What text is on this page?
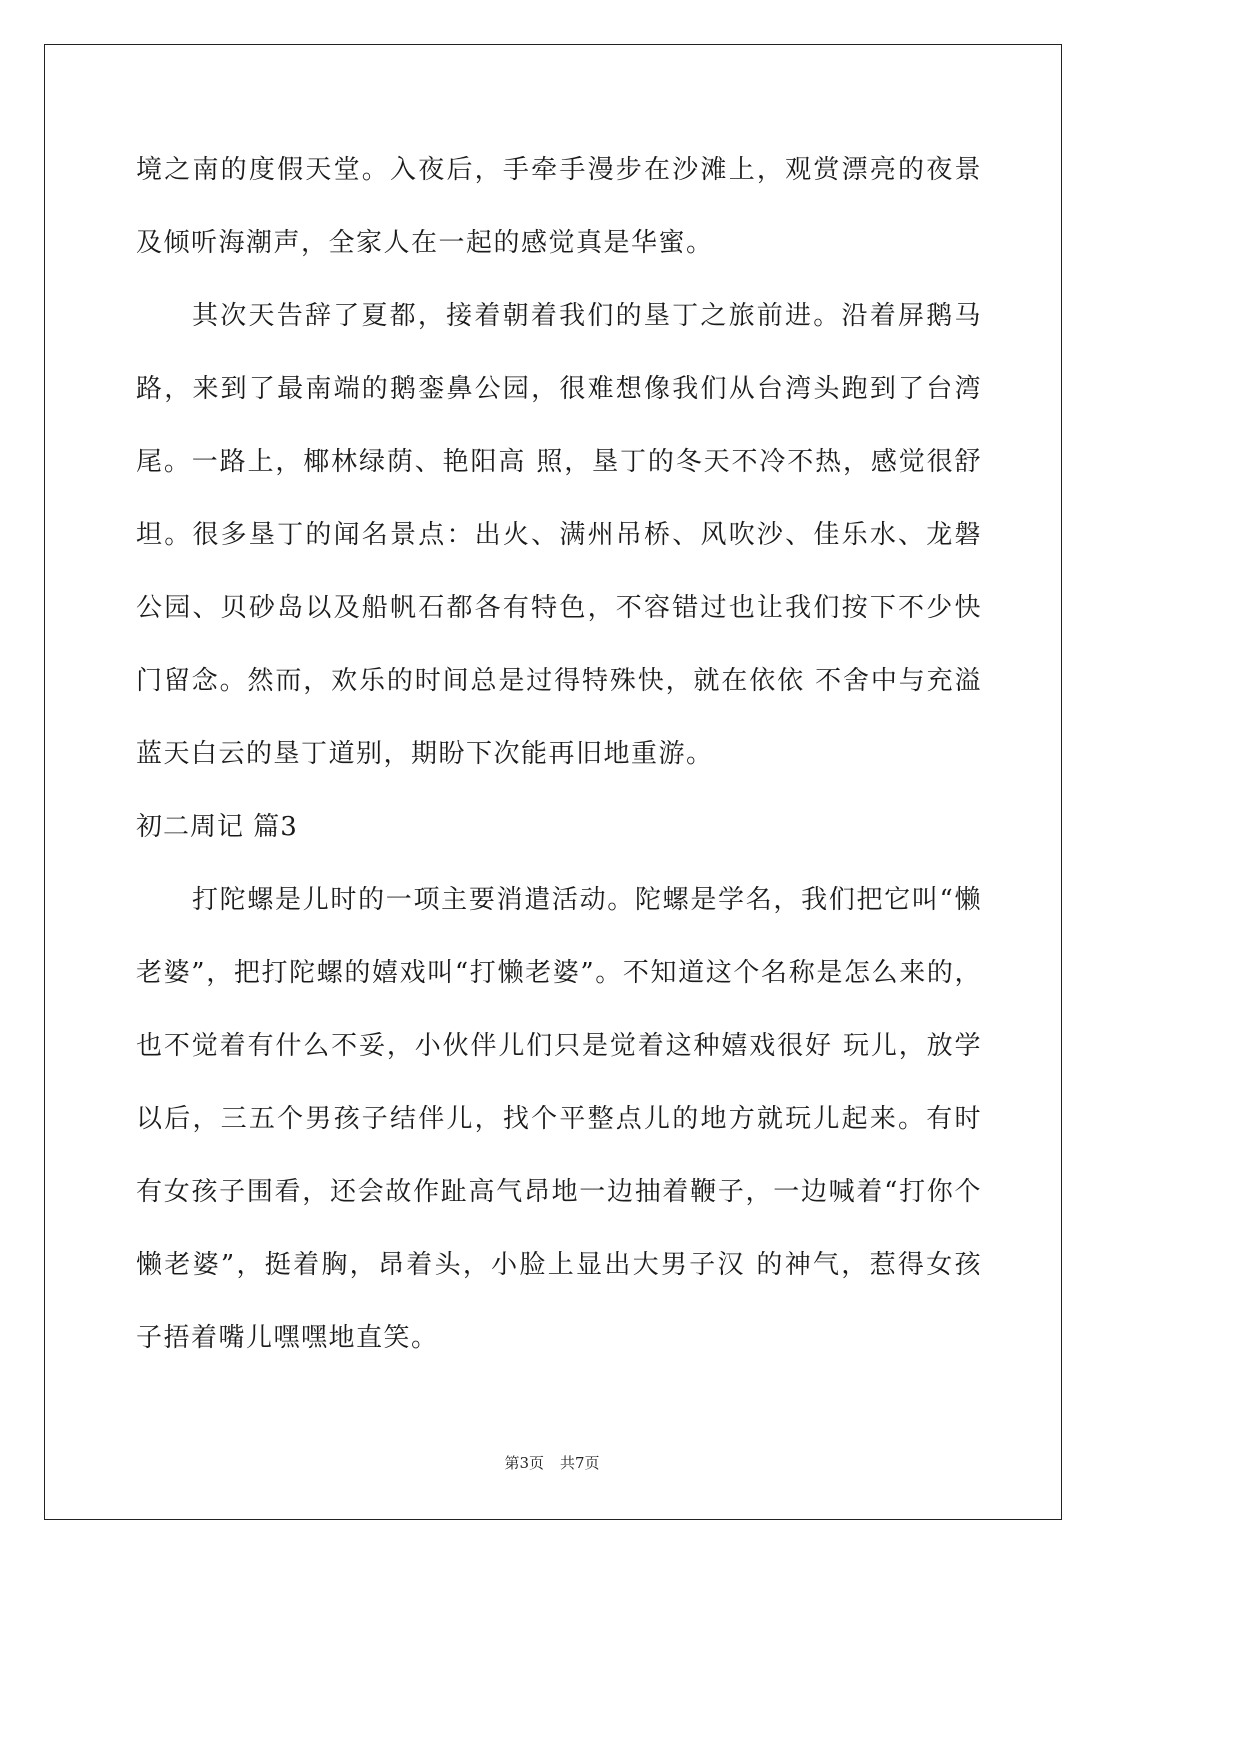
境之南的度假天堂。入夜后，手牵手漫步在沙滩上，观赏漂亮的夜景及倾听海潮声，全家人在一起的感觉真是华蜜。

其次天告辞了夏都，接着朝着我们的垦丁之旅前进。沿着屏鹅马路，来到了最南端的鹅銮鼻公园，很难想像我们从台湾头跑到了台湾尾。一路上，椰林绿荫、艳阳高 照，垦丁的冬天不冷不热，感觉很舒坦。很多垦丁的闻名景点：出火、满州吊桥、风吹沙、佳乐水、龙磐公园、贝砂岛以及船帆石都各有特色，不容错过也让我们按下不少快门留念。然而，欢乐的时间总是过得特殊快，就在依依 不舍中与充溢蓝天白云的垦丁道别，期盼下次能再旧地重游。

初二周记 篇3

打陀螺是儿时的一项主要消遣活动。陀螺是学名，我们把它叫“懒老婆”，把打陀螺的嬉戏叫“打懒老婆”。不知道这个名称是怎么来的，也不觉着有什么不妥，小伙伴儿们只是觉着这种嬉戏很好 玩儿，放学以后，三五个男孩子结伴儿，找个平整点儿的地方就玩儿起来。有时有女孩子围看，还会故作趾高气昂地一边抽着鞭子，一边喊着“打你个懒老婆”，挺着胸，昂着头，小脸上显出大男子汉 的神气，惹得女孩子捂着嘴儿嘿嘿地直笑。

第3页 共7页
